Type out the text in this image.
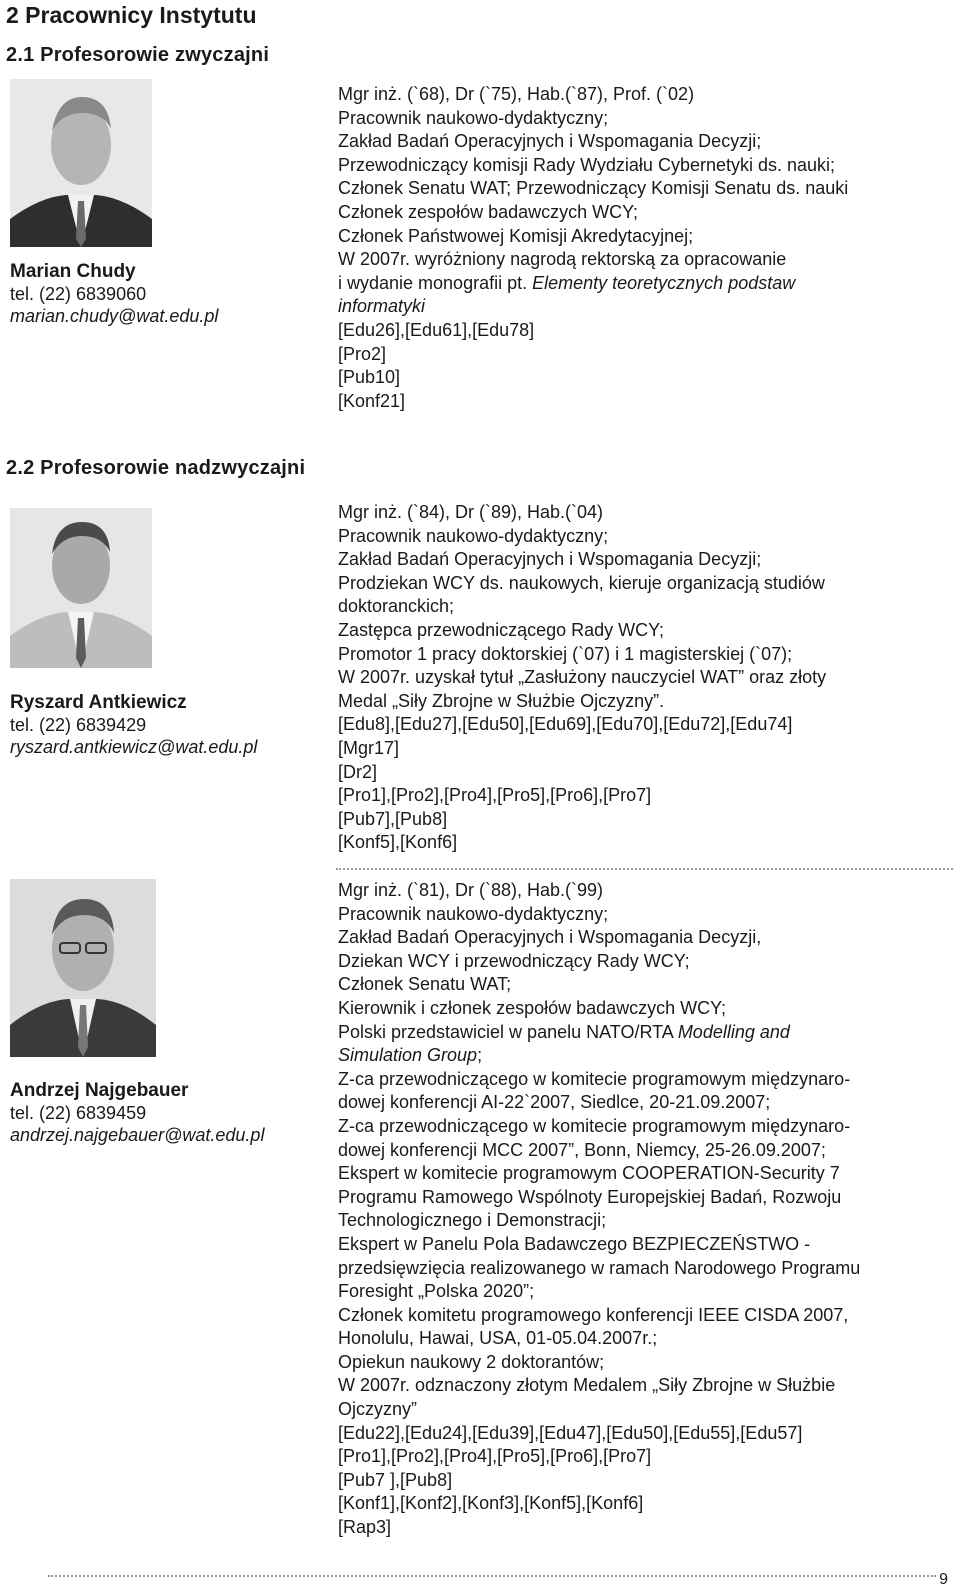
2 Pracownicy Instytutu
2.1 Profesorowie zwyczajni
2.2 Profesorowie nadzwyczajni
Marian Chudy
tel. (22) 6839060
marian.chudy@wat.edu.pl
Mgr inż. (`68), Dr (`75), Hab.(`87), Prof. (`02)
Pracownik naukowo-dydaktyczny;
Zakład Badań Operacyjnych i Wspomagania Decyzji;
Przewodniczący komisji Rady Wydziału Cybernetyki ds. nauki;
Członek Senatu WAT; Przewodniczący Komisji Senatu ds. nauki
Członek zespołów badawczych WCY;
Członek Państwowej Komisji Akredytacyjnej;
W 2007r. wyróżniony nagrodą rektorską za opracowanie
i wydanie monografii pt. Elementy teoretycznych podstaw
informatyki
[Edu26],[Edu61],[Edu78]
[Pro2]
[Pub10]
[Konf21]
Ryszard Antkiewicz
tel. (22) 6839429
ryszard.antkiewicz@wat.edu.pl
Mgr inż. (`84), Dr (`89), Hab.(`04)
Pracownik naukowo-dydaktyczny;
Zakład Badań Operacyjnych i Wspomagania Decyzji;
Prodziekan WCY ds. naukowych, kieruje organizacją studiów
doktoranckich;
Zastępca przewodniczącego Rady WCY;
Promotor 1 pracy doktorskiej (`07) i 1 magisterskiej (`07);
W 2007r. uzyskał tytuł „Zasłużony nauczyciel WAT” oraz złoty
Medal „Siły Zbrojne w Służbie Ojczyzny”.
[Edu8],[Edu27],[Edu50],[Edu69],[Edu70],[Edu72],[Edu74]
[Mgr17]
[Dr2]
[Pro1],[Pro2],[Pro4],[Pro5],[Pro6],[Pro7]
[Pub7],[Pub8]
[Konf5],[Konf6]
Andrzej Najgebauer
tel. (22) 6839459
andrzej.najgebauer@wat.edu.pl
Mgr inż. (`81), Dr (`88), Hab.(`99)
Pracownik naukowo-dydaktyczny;
Zakład Badań Operacyjnych i Wspomagania Decyzji,
Dziekan WCY i przewodniczący Rady WCY;
Członek Senatu WAT;
Kierownik i członek zespołów badawczych WCY;
Polski przedstawiciel w panelu NATO/RTA Modelling and
Simulation Group;
Z-ca przewodniczącego w komitecie programowym międzynaro-
dowej konferencji AI-22`2007, Siedlce, 20-21.09.2007;
Z-ca przewodniczącego w komitecie programowym międzynaro-
dowej konferencji MCC 2007”, Bonn, Niemcy, 25-26.09.2007;
Ekspert w komitecie programowym COOPERATION-Security 7
Programu Ramowego Wspólnoty Europejskiej Badań, Rozwoju
Technologicznego i Demonstracji;
Ekspert w Panelu Pola Badawczego BEZPIECZEŃSTWO -
przedsięwzięcia realizowanego w ramach Narodowego Programu
Foresight „Polska 2020”;
Członek komitetu programowego konferencji IEEE CISDA 2007,
Honolulu, Hawai, USA, 01-05.04.2007r.;
Opiekun naukowy 2 doktorantów;
W 2007r. odznaczony złotym Medalem „Siły Zbrojne w Służbie
Ojczyzny”
[Edu22],[Edu24],[Edu39],[Edu47],[Edu50],[Edu55],[Edu57]
[Pro1],[Pro2],[Pro4],[Pro5],[Pro6],[Pro7]
[Pub7 ],[Pub8]
[Konf1],[Konf2],[Konf3],[Konf5],[Konf6]
[Rap3]
9
